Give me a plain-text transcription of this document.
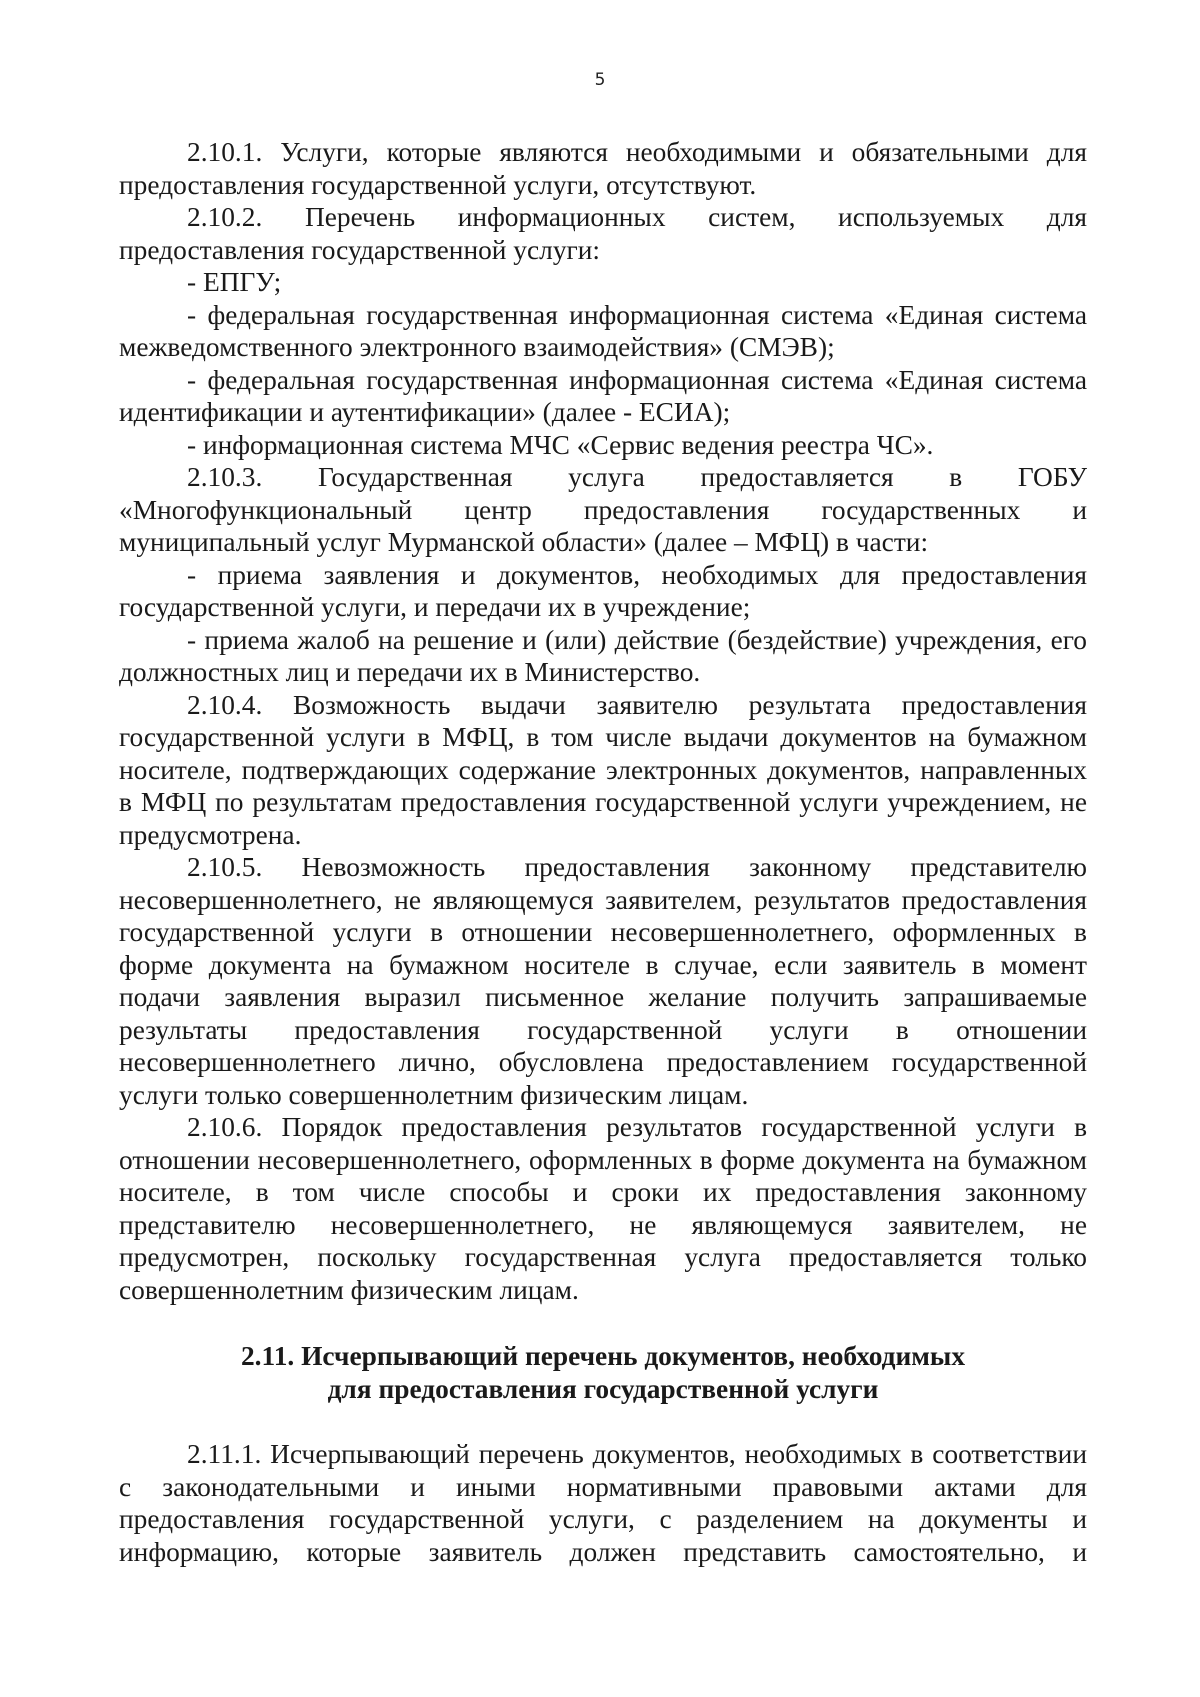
5

2.10.1. Услуги, которые являются необходимыми и обязательными для предоставления государственной услуги, отсутствуют.

2.10.2. Перечень информационных систем, используемых для предоставления государственной услуги:

- ЕПГУ;

- федеральная государственная информационная система «Единая система межведомственного электронного взаимодействия» (СМЭВ);

- федеральная государственная информационная система «Единая система идентификации и аутентификации» (далее - ЕСИА);

- информационная система МЧС «Сервис ведения реестра ЧС».

2.10.3. Государственная услуга предоставляется в ГОБУ «Многофункциональный центр предоставления государственных и муниципальный услуг Мурманской области» (далее – МФЦ) в части:

- приема заявления и документов, необходимых для предоставления государственной услуги, и передачи их в учреждение;

- приема жалоб на решение и (или) действие (бездействие) учреждения, его должностных лиц и передачи их в Министерство.

2.10.4. Возможность выдачи заявителю результата предоставления государственной услуги в МФЦ, в том числе выдачи документов на бумажном носителе, подтверждающих содержание электронных документов, направленных в МФЦ по результатам предоставления государственной услуги учреждением, не предусмотрена.

2.10.5. Невозможность предоставления законному представителю несовершеннолетнего, не являющемуся заявителем, результатов предоставления государственной услуги в отношении несовершеннолетнего, оформленных в форме документа на бумажном носителе в случае, если заявитель в момент подачи заявления выразил письменное желание получить запрашиваемые результаты предоставления государственной услуги в отношении несовершеннолетнего лично, обусловлена предоставлением государственной услуги только совершеннолетним физическим лицам.

2.10.6. Порядок предоставления результатов государственной услуги в отношении несовершеннолетнего, оформленных в форме документа на бумажном носителе, в том числе способы и сроки их предоставления законному представителю несовершеннолетнего, не являющемуся заявителем, не предусмотрен, поскольку государственная услуга предоставляется только совершеннолетним физическим лицам.

2.11. Исчерпывающий перечень документов, необходимых
для предоставления государственной услуги

2.11.1. Исчерпывающий перечень документов, необходимых в соответствии с законодательными и иными нормативными правовыми актами для предоставления государственной услуги, с разделением на документы и информацию, которые заявитель должен представить самостоятельно, и
